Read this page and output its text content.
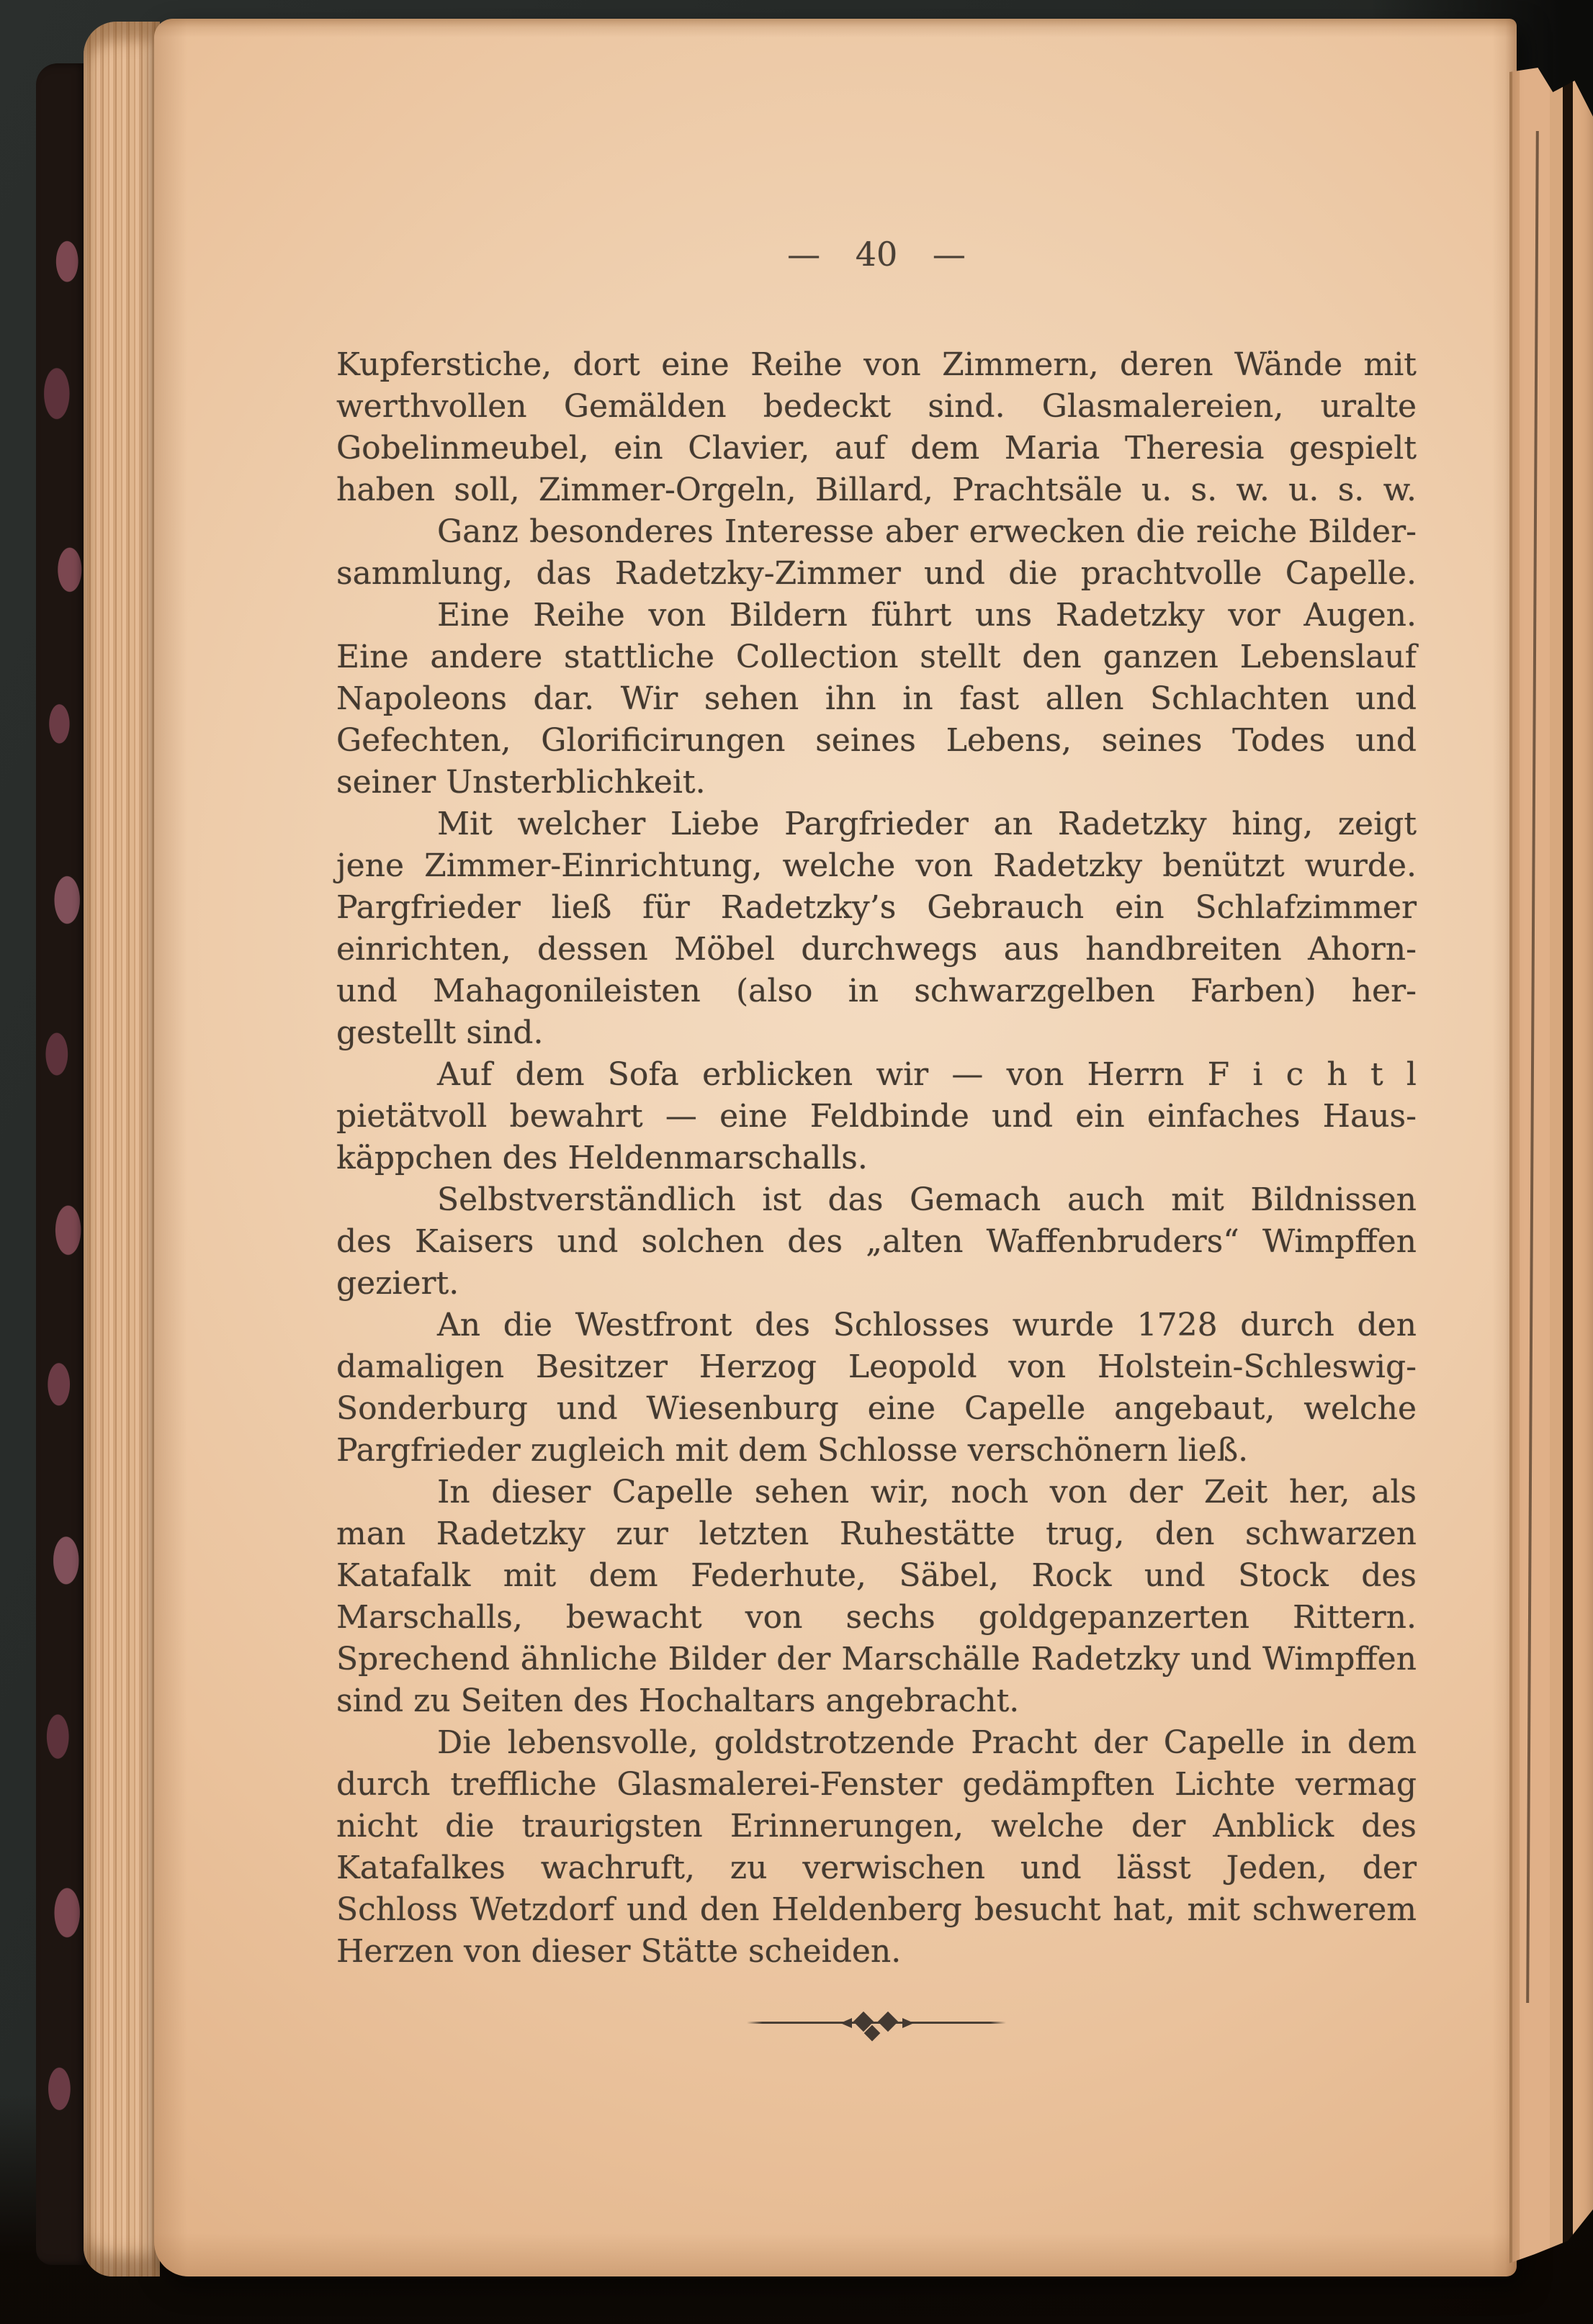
— 40 —
Kupferstiche, dort eine Reihe von Zimmern, deren Wände mit
werthvollen Gemälden bedeckt sind. Glasmalereien, uralte
Gobelinmeubel, ein Clavier, auf dem Maria Theresia gespielt
haben soll, Zimmer-Orgeln, Billard, Prachtsäle u. s. w. u. s. w.
Ganz besonderes Interesse aber erwecken die reiche Bilder-
sammlung, das Radetzky-Zimmer und die prachtvolle Capelle.
Eine Reihe von Bildern führt uns Radetzky vor Augen.
Eine andere stattliche Collection stellt den ganzen Lebenslauf
Napoleons dar. Wir sehen ihn in fast allen Schlachten und
Gefechten, Glorificirungen seines Lebens, seines Todes und
seiner Unsterblichkeit.
Mit welcher Liebe Pargfrieder an Radetzky hing, zeigt
jene Zimmer-Einrichtung, welche von Radetzky benützt wurde.
Pargfrieder ließ für Radetzky’s Gebrauch ein Schlafzimmer
einrichten, dessen Möbel durchwegs aus handbreiten Ahorn-
und Mahagonileisten (also in schwarzgelben Farben) her-
gestellt sind.
Auf dem Sofa erblicken wir — von Herrn F i c h t l
pietätvoll bewahrt — eine Feldbinde und ein einfaches Haus-
käppchen des Heldenmarschalls.
Selbstverständlich ist das Gemach auch mit Bildnissen
des Kaisers und solchen des „alten Waffenbruders“ Wimpffen
geziert.
An die Westfront des Schlosses wurde 1728 durch den
damaligen Besitzer Herzog Leopold von Holstein-Schleswig-
Sonderburg und Wiesenburg eine Capelle angebaut, welche
Pargfrieder zugleich mit dem Schlosse verschönern ließ.
In dieser Capelle sehen wir, noch von der Zeit her, als
man Radetzky zur letzten Ruhestätte trug, den schwarzen
Katafalk mit dem Federhute, Säbel, Rock und Stock des
Marschalls, bewacht von sechs goldgepanzerten Rittern.
Sprechend ähnliche Bilder der Marschälle Radetzky und Wimpffen
sind zu Seiten des Hochaltars angebracht.
Die lebensvolle, goldstrotzende Pracht der Capelle in dem
durch treffliche Glasmalerei-Fenster gedämpften Lichte vermag
nicht die traurigsten Erinnerungen, welche der Anblick des
Katafalkes wachruft, zu verwischen und lässt Jeden, der
Schloss Wetzdorf und den Heldenberg besucht hat, mit schwerem
Herzen von dieser Stätte scheiden.
